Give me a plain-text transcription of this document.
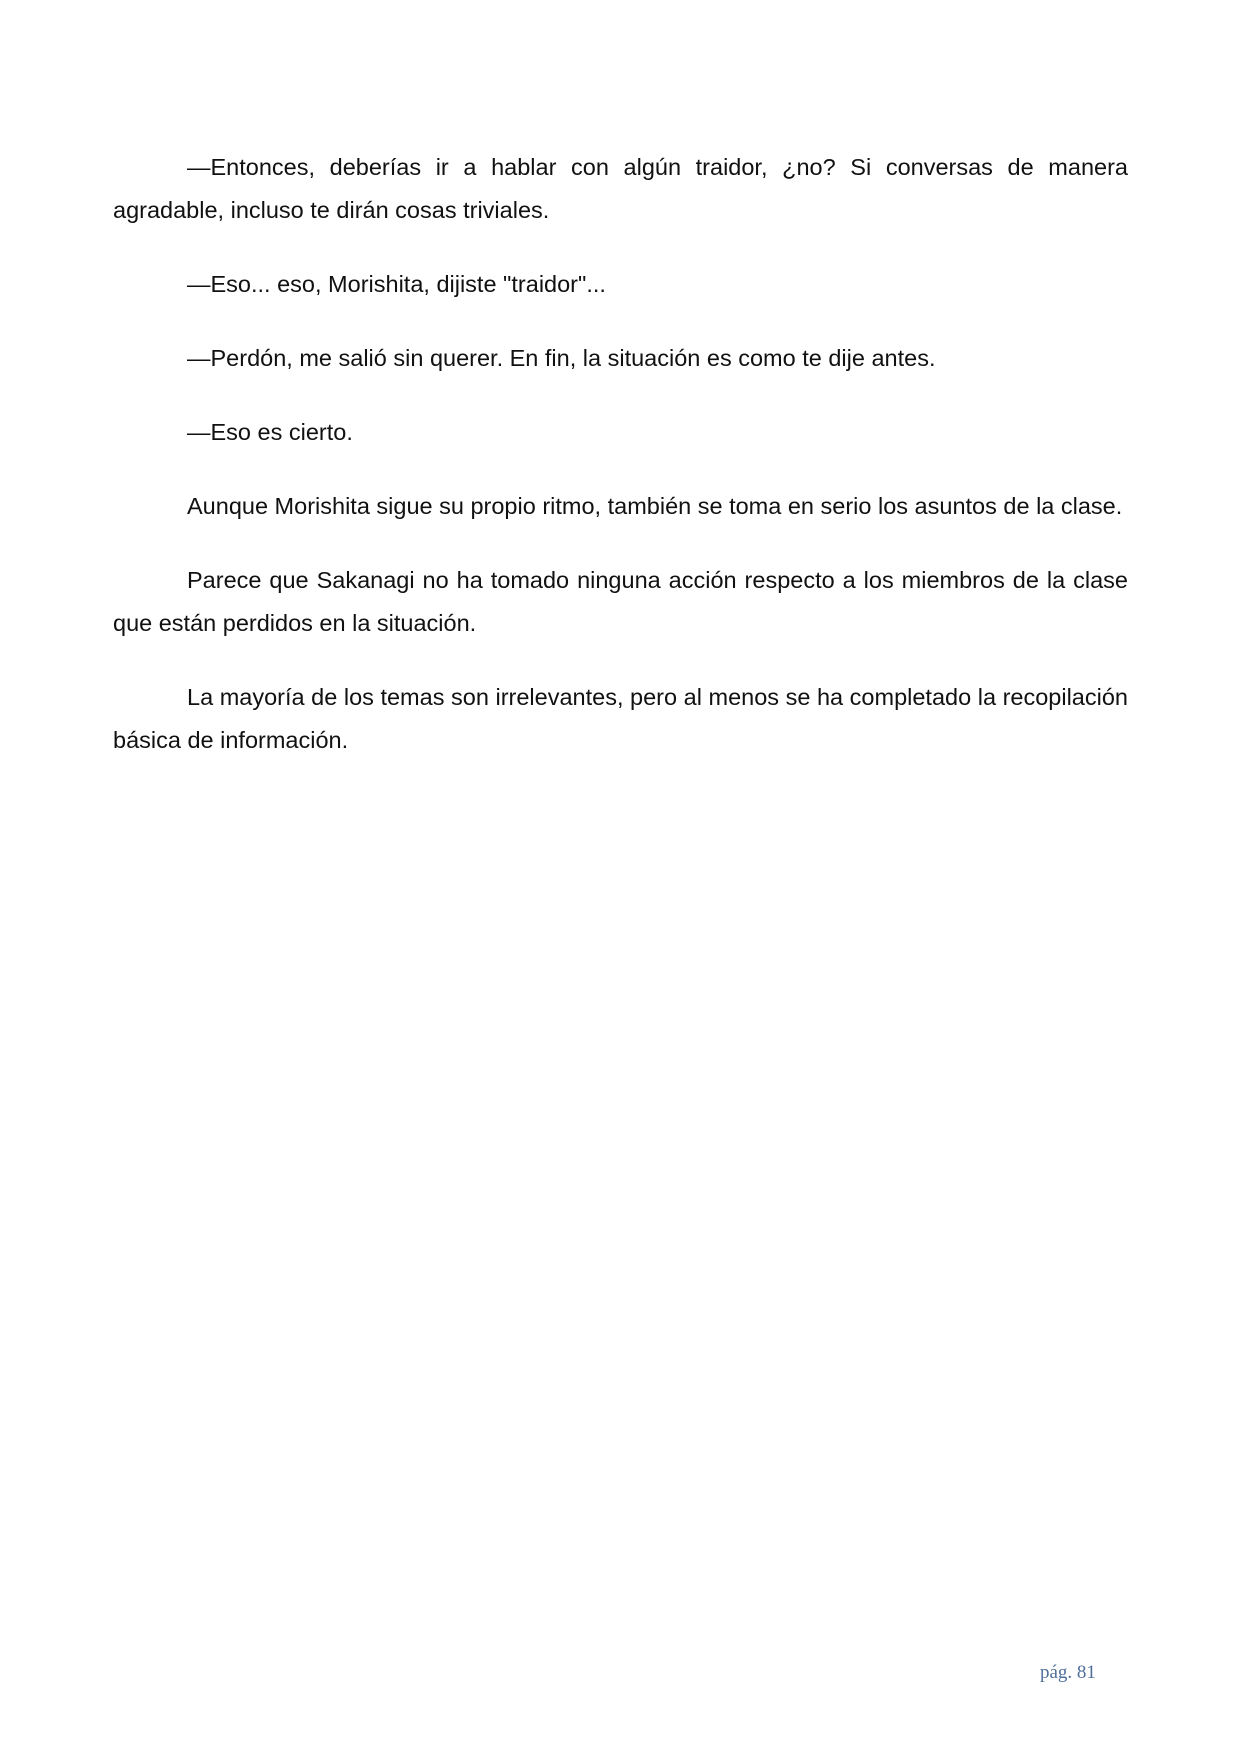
—Entonces, deberías ir a hablar con algún traidor, ¿no? Si conversas de manera agradable, incluso te dirán cosas triviales.

—Eso... eso, Morishita, dijiste "traidor"...

—Perdón, me salió sin querer. En fin, la situación es como te dije antes.

—Eso es cierto.

Aunque Morishita sigue su propio ritmo, también se toma en serio los asuntos de la clase.

Parece que Sakanagi no ha tomado ninguna acción respecto a los miembros de la clase que están perdidos en la situación.

La mayoría de los temas son irrelevantes, pero al menos se ha completado la recopilación básica de información.

pág. 81
